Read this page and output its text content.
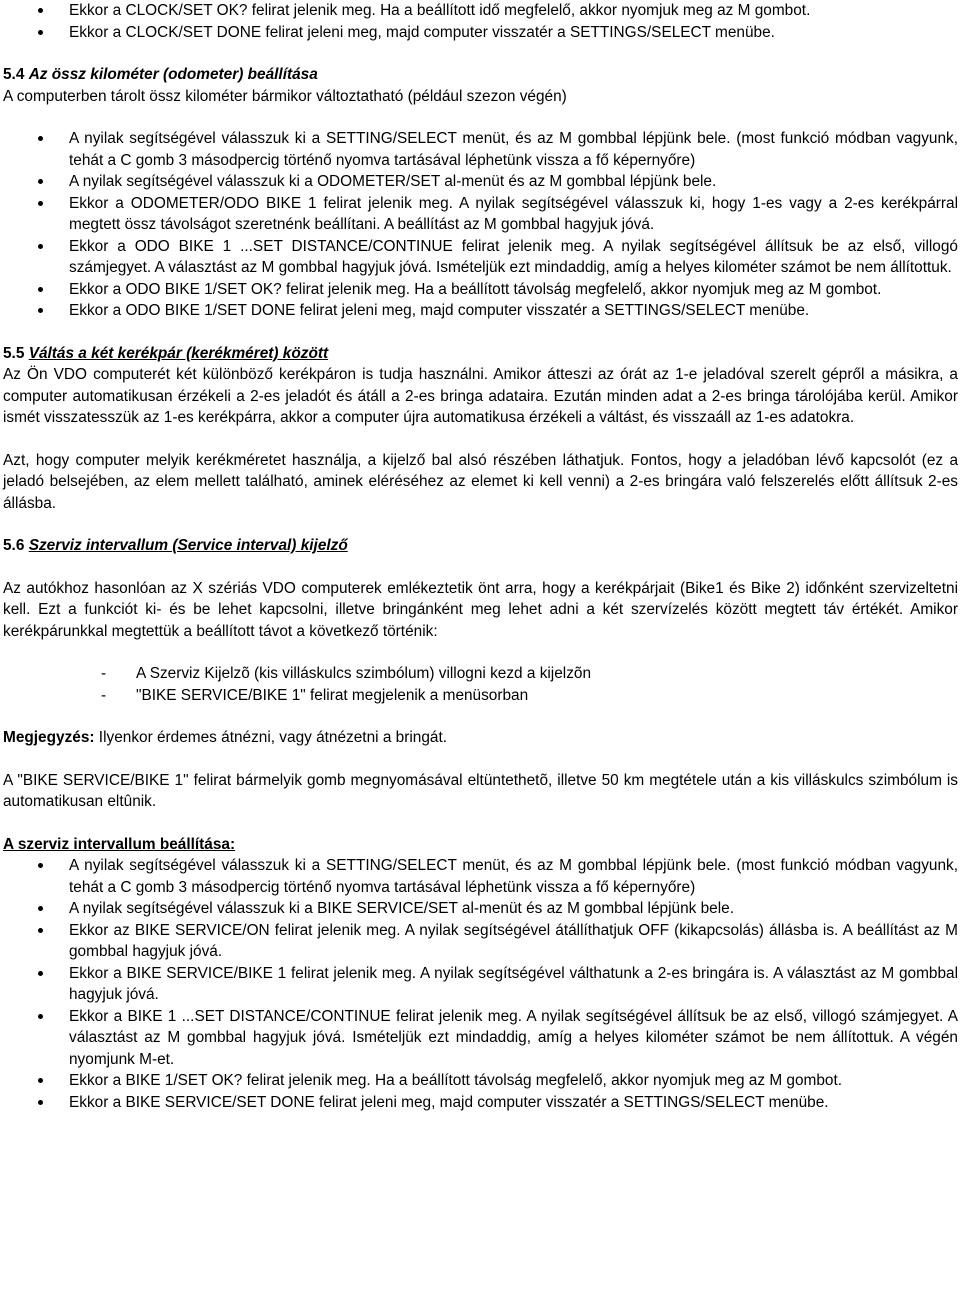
Ekkor a CLOCK/SET OK? felirat jelenik meg. Ha a beállított idő megfelelő, akkor nyomjuk meg az M gombot.
Ekkor a CLOCK/SET DONE felirat jeleni meg, majd computer visszatér a SETTINGS/SELECT menübe.
5.4 Az össz kilométer (odometer) beállítása

A computerben tárolt össz kilométer bármikor változtatható (például szezon végén)

A nyilak segítségével válasszuk ki a SETTING/SELECT menüt, és az M gombbal lépjünk bele. (most funkció módban vagyunk, tehát a C gomb 3 másodpercig történő nyomva tartásával léphetünk vissza a fő képernyőre)
A nyilak segítségével válasszuk ki a ODOMETER/SET al-menüt és az M gombbal lépjünk bele.
Ekkor a ODOMETER/ODO BIKE 1 felirat jelenik meg. A nyilak segítségével válasszuk ki, hogy 1-es vagy a 2-es kerékpárral megtett össz távolságot szeretnénk beállítani. A beállítást az M gombbal hagyjuk jóvá.
Ekkor a ODO BIKE 1 ...SET DISTANCE/CONTINUE felirat jelenik meg. A nyilak segítségével állítsuk be az első, villogó számjegyet. A választást az M gombbal hagyjuk jóvá. Ismételjük ezt mindaddig, amíg a helyes kilométer számot be nem állítottuk.
Ekkor a ODO BIKE 1/SET OK? felirat jelenik meg. Ha a beállított távolság megfelelő, akkor nyomjuk meg az M gombot.
Ekkor a ODO BIKE 1/SET DONE felirat jeleni meg, majd computer visszatér a SETTINGS/SELECT menübe.
5.5 Váltás a két kerékpár (kerékméret) között

Az Ön VDO computerét két különböző kerékpáron is tudja használni. Amikor átteszi az órát az 1-e jeladóval szerelt gépről a másikra, a computer automatikusan érzékeli a 2-es jeladót és átáll a 2-es bringa adataira. Ezután minden adat a 2-es bringa tárolójába kerül. Amikor ismét visszatesszük az 1-es kerékpárra, akkor a computer újra automatikusa érzékeli a váltást, és visszaáll az 1-es adatokra.

Azt, hogy computer melyik kerékméretet használja, a kijelző bal alsó részében láthatjuk. Fontos, hogy a jeladóban lévő kapcsolót (ez a jeladó belsejében, az elem mellett található, aminek eléréséhez az elemet ki kell venni) a 2-es bringára való felszerelés előtt állítsuk 2-es állásba.

5.6 Szerviz intervallum (Service interval) kijelző

Az autókhoz hasonlóan az X szériás VDO computerek emlékeztetik önt arra, hogy a kerékpárjait (Bike1 és Bike 2) időnként szervizeltetni kell. Ezt a funkciót ki- és be lehet kapcsolni, illetve bringánként meg lehet adni a két szervízelés között megtett táv értékét. Amikor kerékpárunkkal megtettük a beállított távot a következő történik:

- A Szerviz Kijelzõ (kis villáskulcs szimbólum) villogni kezd a kijelzõn
- "BIKE SERVICE/BIKE 1" felirat megjelenik a menüsorban

Megjegyzés: Ilyenkor érdemes átnézni, vagy átnézetni a bringát.

A "BIKE SERVICE/BIKE 1" felirat bármelyik gomb megnyomásával eltüntethetõ, illetve 50 km megtétele után a kis villáskulcs szimbólum is automatikusan eltûnik.

A szerviz intervallum beállítása:
A nyilak segítségével válasszuk ki a SETTING/SELECT menüt, és az M gombbal lépjünk bele. (most funkció módban vagyunk, tehát a C gomb 3 másodpercig történő nyomva tartásával léphetünk vissza a fő képernyőre)
A nyilak segítségével válasszuk ki a BIKE SERVICE/SET al-menüt és az M gombbal lépjünk bele.
Ekkor az BIKE SERVICE/ON felirat jelenik meg. A nyilak segítségével átállíthatjuk OFF (kikapcsolás) állásba is. A beállítást az M gombbal hagyjuk jóvá.
Ekkor a BIKE SERVICE/BIKE 1 felirat jelenik meg. A nyilak segítségével válthatunk a 2-es bringára is. A választást az M gombbal hagyjuk jóvá.
Ekkor a BIKE 1 ...SET DISTANCE/CONTINUE felirat jelenik meg. A nyilak segítségével állítsuk be az első, villogó számjegyet. A választást az M gombbal hagyjuk jóvá. Ismételjük ezt mindaddig, amíg a helyes kilométer számot be nem állítottuk. A végén nyomjunk M-et.
Ekkor a BIKE 1/SET OK? felirat jelenik meg. Ha a beállított távolság megfelelő, akkor nyomjuk meg az M gombot.
Ekkor a BIKE SERVICE/SET DONE felirat jeleni meg, majd computer visszatér a SETTINGS/SELECT menübe.
